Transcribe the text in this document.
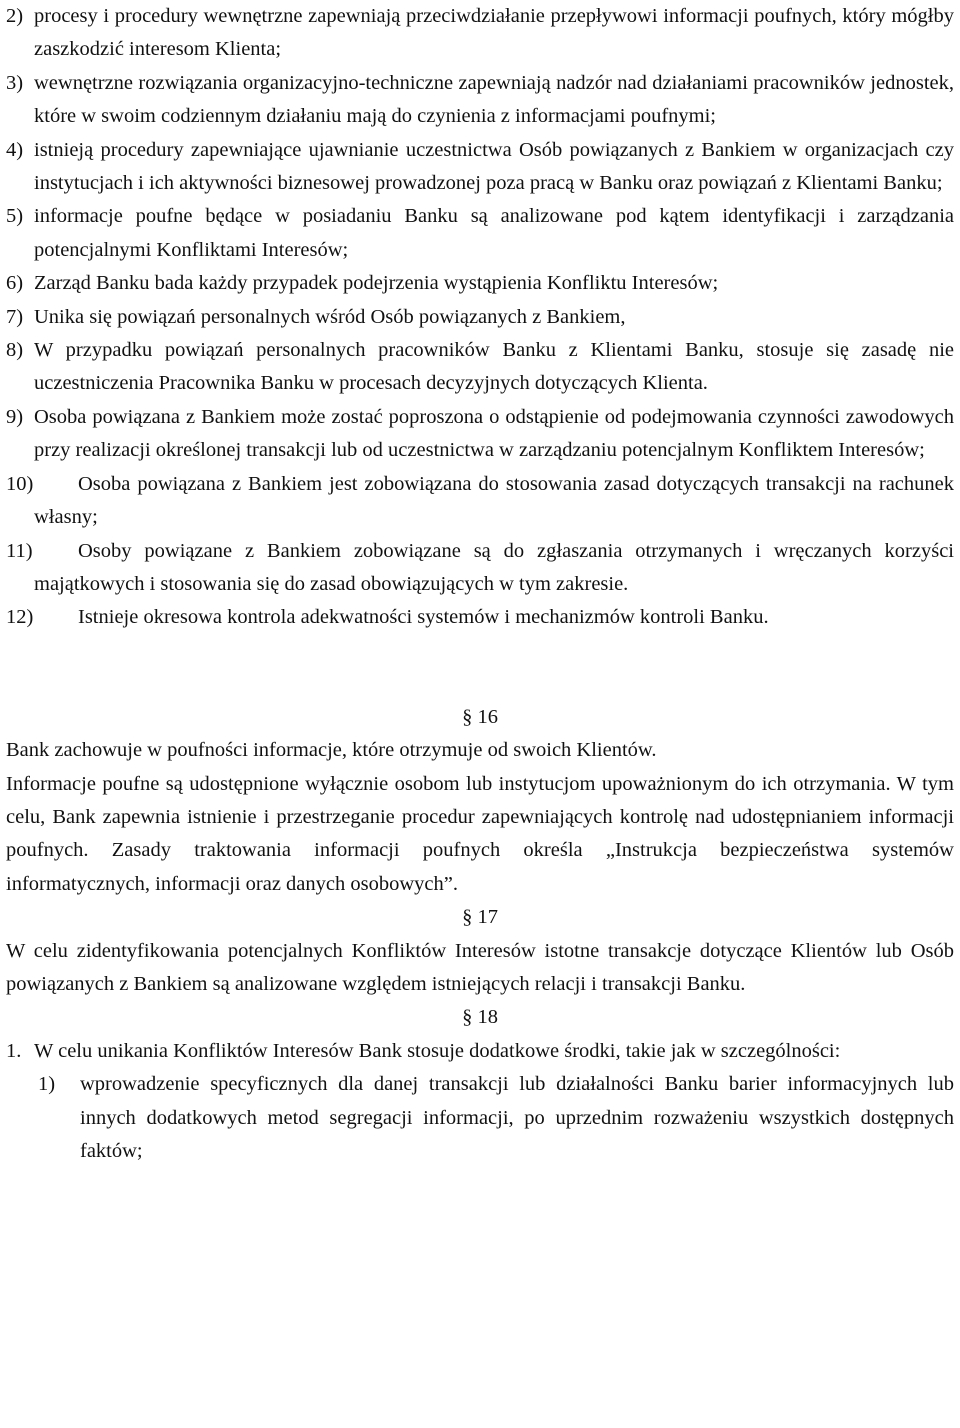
2) procesy i procedury wewnętrzne zapewniają przeciwdziałanie przepływowi informacji poufnych, który mógłby zaszkodzić interesom Klienta;
3) wewnętrzne rozwiązania organizacyjno-techniczne zapewniają nadzór nad działaniami pracowników jednostek, które w swoim codziennym działaniu mają do czynienia z informacjami poufnymi;
4) istnieją procedury zapewniające ujawnianie uczestnictwa Osób powiązanych z Bankiem w organizacjach czy instytucjach i ich aktywności biznesowej prowadzonej poza pracą w Banku oraz powiązań z Klientami Banku;
5) informacje poufne będące w posiadaniu Banku są analizowane pod kątem identyfikacji i zarządzania potencjalnymi Konfliktami Interesów;
6) Zarząd Banku bada każdy przypadek podejrzenia wystąpienia Konfliktu Interesów;
7) Unika się powiązań personalnych wśród Osób powiązanych z Bankiem,
8) W przypadku powiązań personalnych pracowników Banku z Klientami Banku, stosuje się zasadę nie uczestniczenia Pracownika Banku w procesach decyzyjnych dotyczących Klienta.
9) Osoba powiązana z Bankiem może zostać poproszona o odstąpienie od podejmowania czynności zawodowych przy realizacji określonej transakcji lub od uczestnictwa w zarządzaniu potencjalnym Konfliktem Interesów;
10)	Osoba powiązana z Bankiem jest zobowiązana do stosowania zasad dotyczących transakcji na rachunek własny;
11)	Osoby powiązane z Bankiem zobowiązane są do zgłaszania otrzymanych i wręczanych korzyści majątkowych i stosowania się do zasad obowiązujących w tym zakresie.
12)	Istnieje okresowa kontrola adekwatności systemów i mechanizmów kontroli Banku.
§ 16
Bank zachowuje w poufności informacje, które otrzymuje od swoich Klientów.
Informacje poufne są udostępnione wyłącznie osobom lub instytucjom upoważnionym do ich otrzymania. W tym celu, Bank zapewnia istnienie i przestrzeganie procedur zapewniających kontrolę nad udostępnianiem informacji poufnych. Zasady traktowania informacji poufnych określa „Instrukcja bezpieczeństwa systemów informatycznych, informacji oraz danych osobowych”.
§ 17
W celu zidentyfikowania potencjalnych Konfliktów Interesów istotne transakcje dotyczące Klientów lub Osób powiązanych z Bankiem są analizowane względem istniejących relacji i transakcji Banku.
§ 18
1. W celu unikania Konfliktów Interesów Bank stosuje dodatkowe środki, takie jak w szczególności:
1) wprowadzenie specyficznych dla danej transakcji lub działalności Banku barier informacyjnych lub innych dodatkowych metod segregacji informacji, po uprzednim rozważeniu wszystkich dostępnych faktów;
